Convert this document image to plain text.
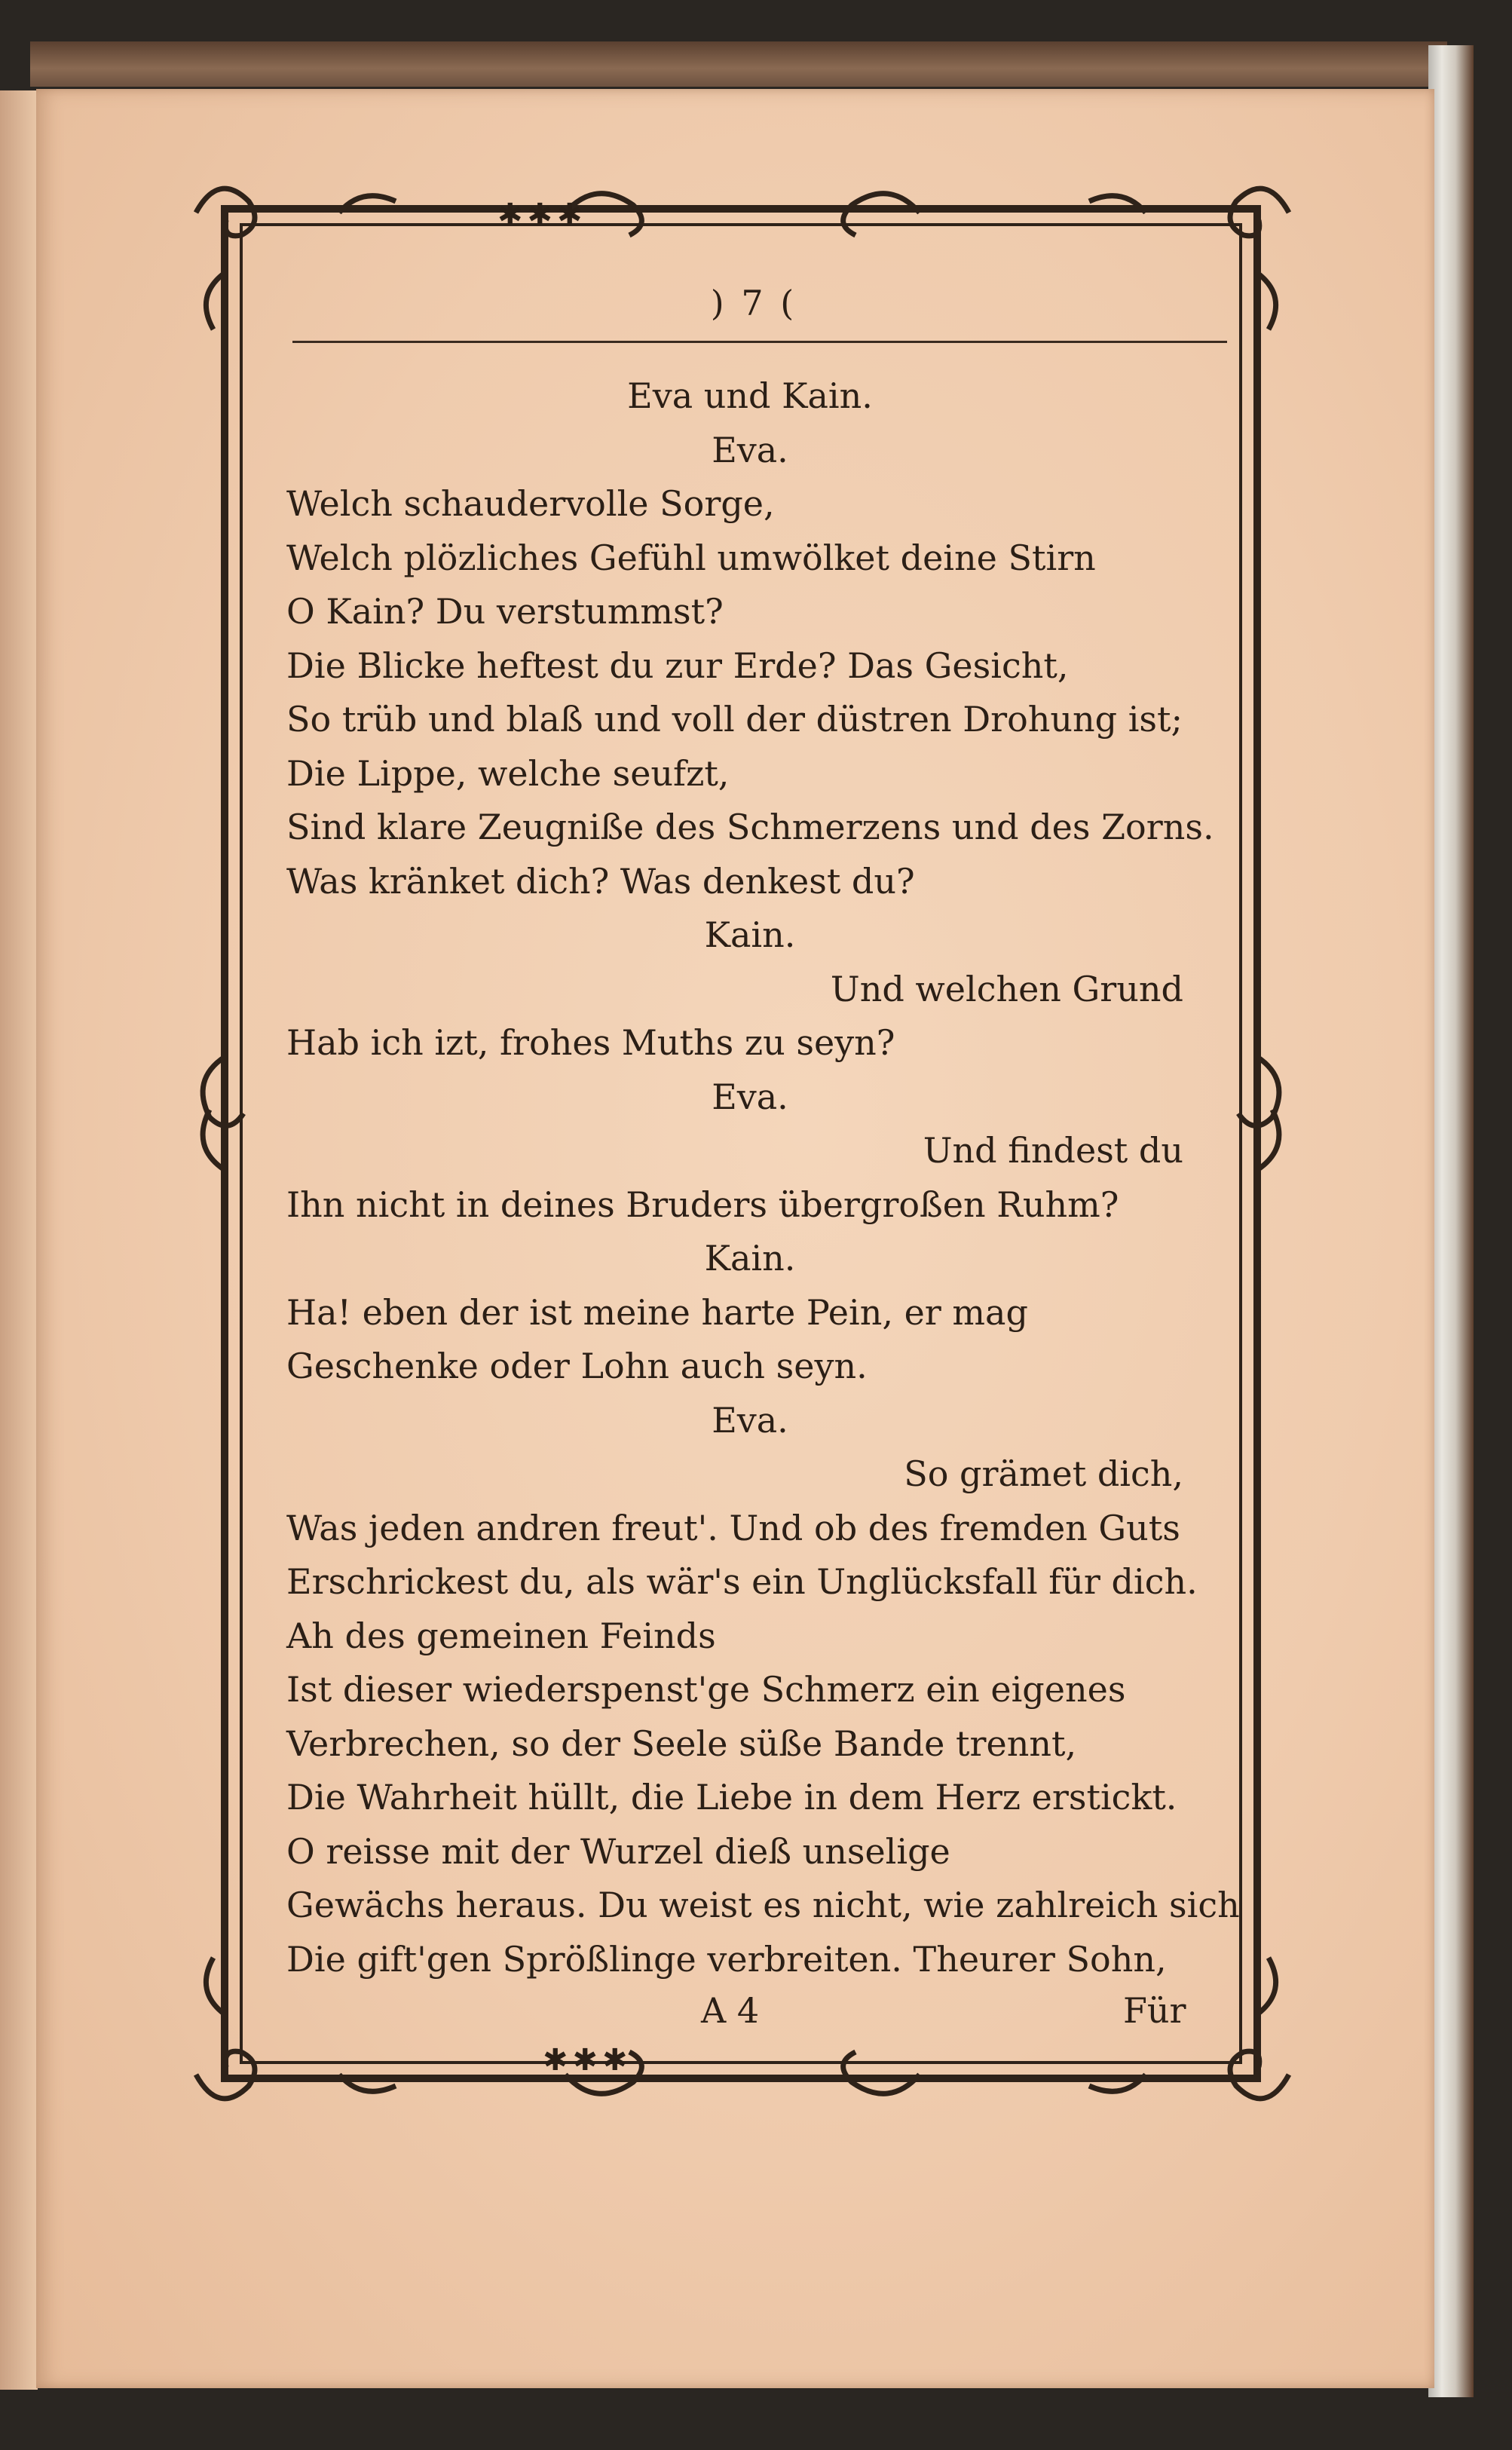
✱✱✱
✱✱✱
) 7 (
Eva und Kain.
Eva.
Welch schaudervolle Sorge,
Welch plözliches Gefühl umwölket deine Stirn
O Kain? Du verstummst?
Die Blicke heftest du zur Erde? Das Gesicht,
So trüb und blaß und voll der düstren Drohung ist;
Die Lippe, welche seufzt,
Sind klare Zeugniße des Schmerzens und des Zorns.
Was kränket dich? Was denkest du?
Kain.
Und welchen Grund
Hab ich izt, frohes Muths zu seyn?
Eva.
Und findest du
Ihn nicht in deines Bruders übergroßen Ruhm?
Kain.
Ha! eben der ist meine harte Pein, er mag
Geschenke oder Lohn auch seyn.
Eva.
So grämet dich,
Was jeden andren freut'. Und ob des fremden Guts
Erschrickest du, als wär's ein Unglücksfall für dich.
Ah des gemeinen Feinds
Ist dieser wiederspenst'ge Schmerz ein eigenes
Verbrechen, so der Seele süße Bande trennt,
Die Wahrheit hüllt, die Liebe in dem Herz erstickt.
O reisse mit der Wurzel dieß unselige
Gewächs heraus. Du weist es nicht, wie zahlreich sich
Die gift'gen Sprößlinge verbreiten. Theurer Sohn,
A 4	Für
